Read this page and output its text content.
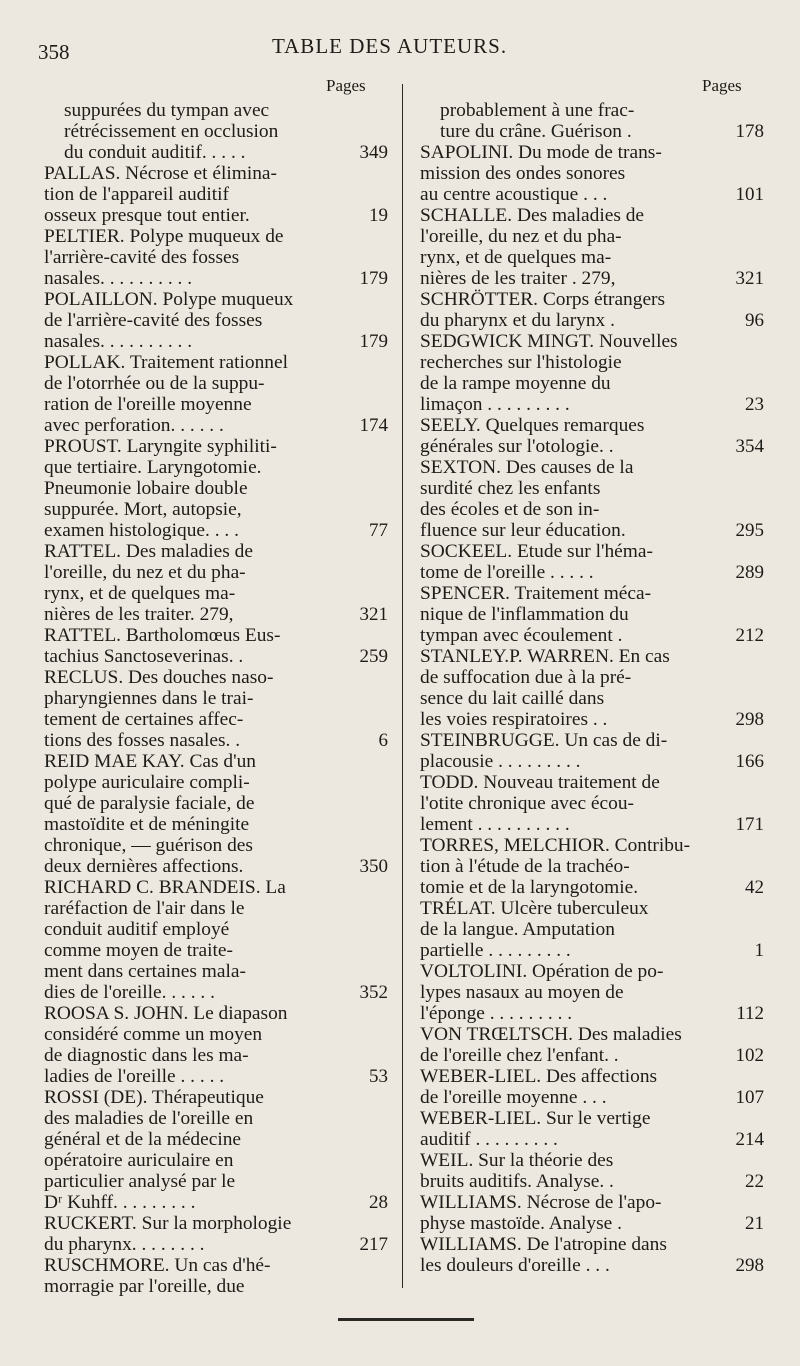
358	TABLE DES AUTEURS.
Pages	Pages
suppurées du tympan avec
rétrécissement en occlusion
du conduit auditif. . . . .	349
PALLAS. Nécrose et élimina-
tion de l'appareil auditif
osseux presque tout entier.	19
PELTIER. Polype muqueux de
l'arrière-cavité des fosses
nasales. . . . . . . . . .	179
POLAILLON. Polype muqueux
de l'arrière-cavité des fosses
nasales. . . . . . . . . .	179
POLLAK. Traitement rationnel
de l'otorrhée ou de la suppu-
ration de l'oreille moyenne
avec perforation. . . . . .	174
PROUST. Laryngite syphiliti-
que tertiaire. Laryngotomie.
Pneumonie lobaire double
suppurée. Mort, autopsie,
examen histologique. . . .	77
RATTEL. Des maladies de
l'oreille, du nez et du pha-
rynx, et de quelques ma-
nières de les traiter. 279,	321
RATTEL. Bartholomœus Eus-
tachius Sanctoseverinas. .	259
RECLUS. Des douches naso-
pharyngiennes dans le trai-
tement de certaines affec-
tions des fosses nasales. .	6
REID MAE KAY. Cas d'un
polype auriculaire compli-
qué de paralysie faciale, de
mastoïdite et de méningite
chronique, — guérison des
deux dernières affections.	350
RICHARD C. BRANDEIS. La
raréfaction de l'air dans le
conduit auditif employé
comme moyen de traite-
ment dans certaines mala-
dies de l'oreille. . . . . .	352
ROOSA S. JOHN. Le diapason
considéré comme un moyen
de diagnostic dans les ma-
ladies de l'oreille . . . . .	53
ROSSI (DE). Thérapeutique
des maladies de l'oreille en
général et de la médecine
opératoire auriculaire en
particulier analysé par le
Dʳ Kuhff. . . . . . . . .	28
RUCKERT. Sur la morphologie
du pharynx. . . . . . . .	217
RUSCHMORE. Un cas d'hé-
morragie par l'oreille, due
probablement à une frac-
ture du crâne. Guérison .	178
SAPOLINI. Du mode de trans-
mission des ondes sonores
au centre acoustique . . .	101
SCHALLE. Des maladies de
l'oreille, du nez et du pha-
rynx, et de quelques ma-
nières de les traiter . 279,	321
SCHRÖTTER. Corps étrangers
du pharynx et du larynx .	96
SEDGWICK MINGT. Nouvelles
recherches sur l'histologie
de la rampe moyenne du
limaçon . . . . . . . . .	23
SEELY. Quelques remarques
générales sur l'otologie. .	354
SEXTON. Des causes de la
surdité chez les enfants
des écoles et de son in-
fluence sur leur éducation.	295
SOCKEEL. Etude sur l'héma-
tome de l'oreille . . . . .	289
SPENCER. Traitement méca-
nique de l'inflammation du
tympan avec écoulement .	212
STANLEY.P. WARREN. En cas
de suffocation due à la pré-
sence du lait caillé dans
les voies respiratoires . .	298
STEINBRUGGE. Un cas de di-
placousie . . . . . . . . .	166
TODD. Nouveau traitement de
l'otite chronique avec écou-
lement . . . . . . . . . .	171
TORRES, MELCHIOR. Contribu-
tion à l'étude de la trachéo-
tomie et de la laryngotomie.	42
TRÉLAT. Ulcère tuberculeux
de la langue. Amputation
partielle . . . . . . . . .	1
VOLTOLINI. Opération de po-
lypes nasaux au moyen de
l'éponge . . . . . . . . .	112
VON TRŒLTSCH. Des maladies
de l'oreille chez l'enfant. .	102
WEBER-LIEL. Des affections
de l'oreille moyenne . . .	107
WEBER-LIEL. Sur le vertige
auditif . . . . . . . . .	214
WEIL. Sur la théorie des
bruits auditifs. Analyse. .	22
WILLIAMS. Nécrose de l'apo-
physe mastoïde. Analyse .	21
WILLIAMS. De l'atropine dans
les douleurs d'oreille . . .	298
